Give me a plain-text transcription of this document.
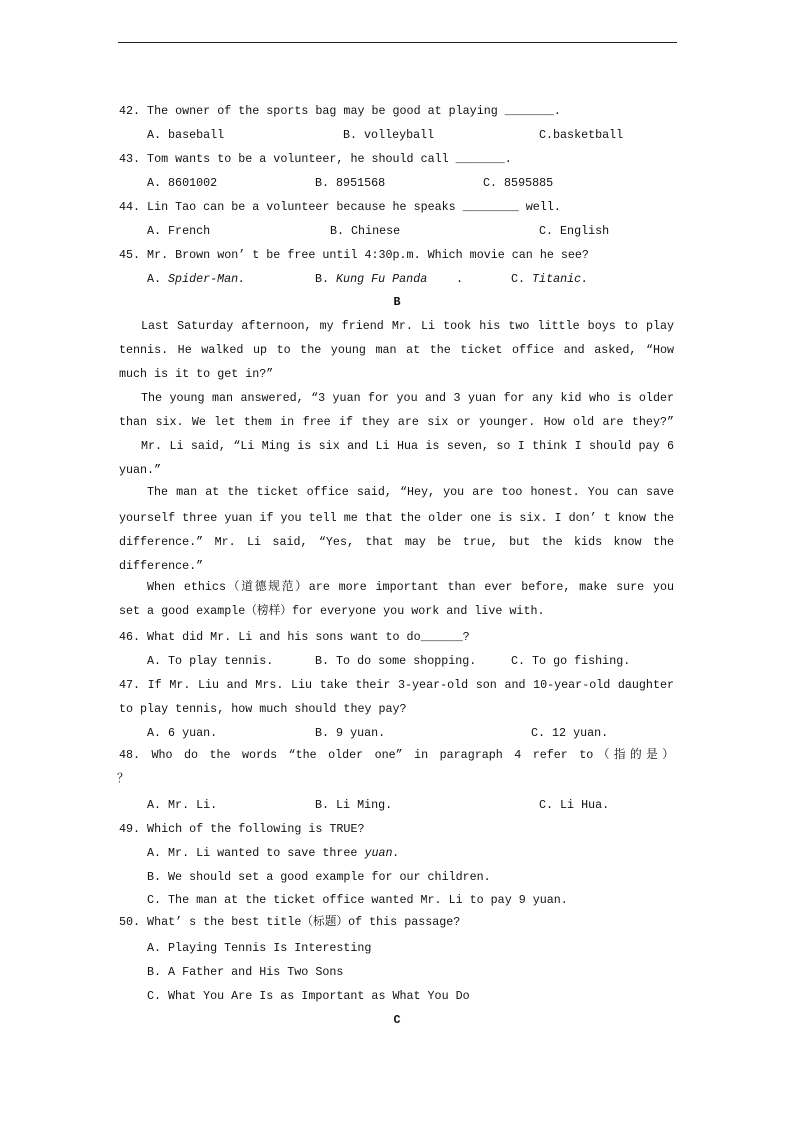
42. The owner of the sports bag may be good at playing _______.
A. baseball	B. volleyball	C.basketball
43. Tom wants to be a volunteer, he should call _______.
A. 8601002	B. 8951568	C. 8595885
44. Lin Tao can be a volunteer because he speaks ________ well.
A. French	B. Chinese	C. English
45. Mr. Brown won’ t be free until 4:30p.m. Which movie can he see?
A. Spider-Man.	B. Kung Fu Panda .	C. Titanic.
B
Last Saturday afternoon, my friend Mr. Li took his two little boys to play
tennis. He walked up to the young man at the ticket office and asked, “How
much is it to get in?”
The young man answered, “3 yuan for you and 3 yuan for any kid who is older
than six. We let them in free if they are six or younger. How old are they?”
Mr. Li said, “Li Ming is six and Li Hua is seven, so I think I should pay 6
yuan.”
The man at the ticket office said, “Hey, you are too honest. You can save
yourself three yuan if you tell me that the older one is six. I don’ t know the
difference.” Mr. Li said, “Yes, that may be true, but the kids know the
difference.”
When ethics（道德规范）are more important than ever before, make sure you
set a good example（榜样）for everyone you work and live with.
46. What did Mr. Li and his sons want to do______?
A. To play tennis.	B. To do some shopping.	C. To go fishing.
47. If Mr. Liu and Mrs. Liu take their 3-year-old son and 10-year-old daughter
to play tennis, how much should they pay?
A. 6 yuan.	B. 9 yuan.	C. 12 yuan.
48. Who do the words “the older one” in paragraph 4 refer to（指的是）
？
A. Mr. Li.	B. Li Ming.	C. Li Hua.
49. Which of the following is TRUE?
A. Mr. Li wanted to save three yuan.
B. We should set a good example for our children.
C. The man at the ticket office wanted Mr. Li to pay 9 yuan.
50. What’ s the best title（标题）of this passage?
A. Playing Tennis Is Interesting
B. A Father and His Two Sons
C. What You Are Is as Important as What You Do
C
